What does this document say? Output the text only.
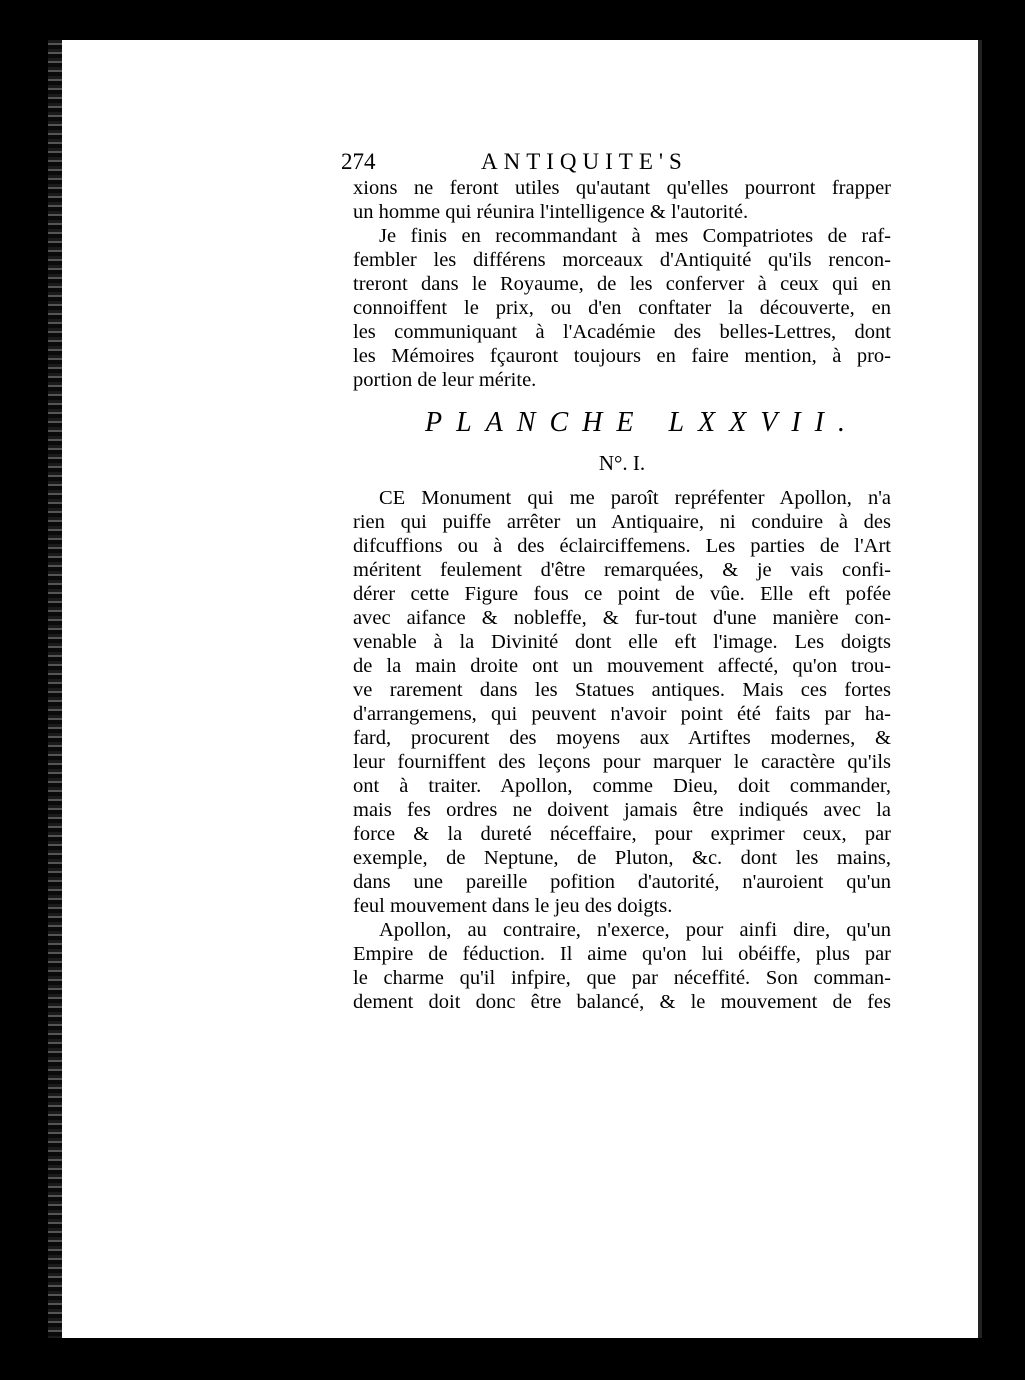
274	ANTIQUITE'S
xions ne feront utiles qu'autant qu'elles pourront frapper
un homme qui réunira l'intelligence & l'autorité.
Je finis en recommandant à mes Compatriotes de raf-
fembler les différens morceaux d'Antiquité qu'ils rencon-
treront dans le Royaume, de les conferver à ceux qui en
connoiffent le prix, ou d'en conftater la découverte, en
les communiquant à l'Académie des belles-Lettres, dont
les Mémoires fçauront toujours en faire mention, à pro-
portion de leur mérite.
PLANCHE LXXVII.
N°. I.
CE Monument qui me paroît repréfenter Apollon, n'a
rien qui puiffe arrêter un Antiquaire, ni conduire à des
difcuffions ou à des éclairciffemens. Les parties de l'Art
méritent feulement d'être remarquées, & je vais confi-
dérer cette Figure fous ce point de vûe. Elle eft pofée
avec aifance & nobleffe, & fur-tout d'une manière con-
venable à la Divinité dont elle eft l'image. Les doigts
de la main droite ont un mouvement affecté, qu'on trou-
ve rarement dans les Statues antiques. Mais ces fortes
d'arrangemens, qui peuvent n'avoir point été faits par ha-
fard, procurent des moyens aux Artiftes modernes, &
leur fourniffent des leçons pour marquer le caractère qu'ils
ont à traiter. Apollon, comme Dieu, doit commander,
mais fes ordres ne doivent jamais être indiqués avec la
force & la dureté néceffaire, pour exprimer ceux, par
exemple, de Neptune, de Pluton, &c. dont les mains,
dans une pareille pofition d'autorité, n'auroient qu'un
feul mouvement dans le jeu des doigts.
Apollon, au contraire, n'exerce, pour ainfi dire, qu'un
Empire de féduction. Il aime qu'on lui obéiffe, plus par
le charme qu'il infpire, que par néceffité. Son comman-
dement doit donc être balancé, & le mouvement de fes
